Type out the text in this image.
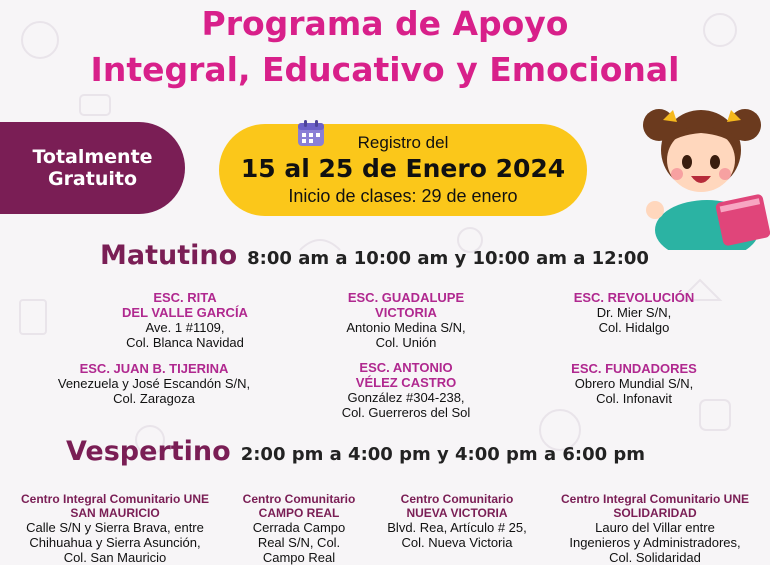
Programa de Apoyo
Integral, Educativo y Emocional
Totalmente
Gratuito
Registro del
15 al 25 de Enero 2024
Inicio de clases: 29 de enero
Matutino 8:00 am a 10:00 am y 10:00 am a 12:00
ESC. RITA
DEL VALLE GARCÍA
Ave. 1 #1109,
Col. Blanca Navidad
ESC. GUADALUPE
VICTORIA
Antonio Medina S/N,
Col. Unión
ESC. REVOLUCIÓN
Dr. Mier S/N,
Col. Hidalgo
ESC. JUAN B. TIJERINA
Venezuela y José Escandón S/N,
Col. Zaragoza
ESC. ANTONIO
VÉLEZ CASTRO
González #304-238,
Col. Guerreros del Sol
ESC. FUNDADORES
Obrero Mundial S/N,
Col. Infonavit
Vespertino 2:00 pm a 4:00 pm y 4:00 pm a 6:00 pm
Centro Integral Comunitario UNE
SAN MAURICIO
Calle S/N y Sierra Brava, entre
Chihuahua y Sierra Asunción,
Col. San Mauricio
Centro Comunitario
CAMPO REAL
Cerrada Campo
Real S/N, Col.
Campo Real
Centro Comunitario
NUEVA VICTORIA
Blvd. Rea, Artículo # 25,
Col. Nueva Victoria
Centro Integral Comunitario UNE
SOLIDARIDAD
Lauro del Villar entre
Ingenieros y Administradores,
Col. Solidaridad
